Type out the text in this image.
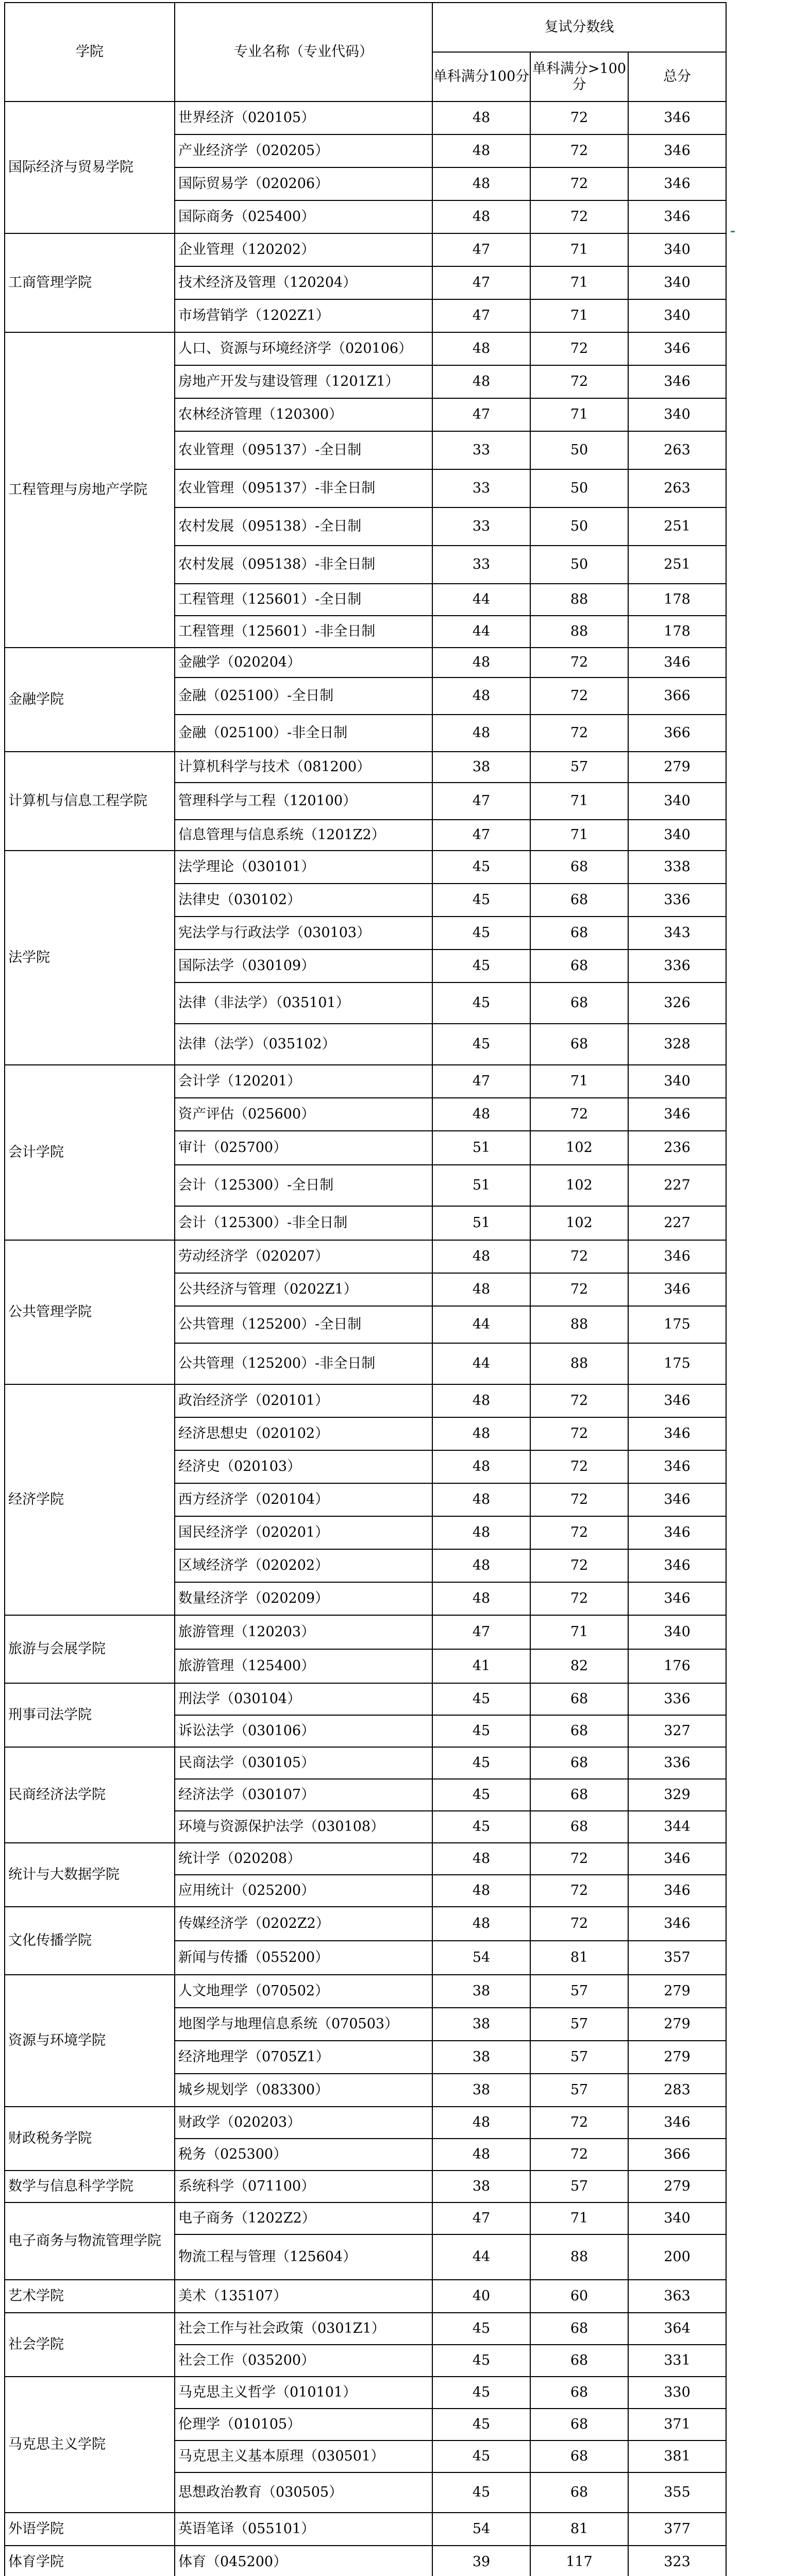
学院	专业名称（专业代码）	复试分数线		
		单科满分100分	单科满分>100分	总分
国际经济与贸易学院	世界经济（020105）	48	72	346
	产业经济学（020205）	48	72	346
	国际贸易学（020206）	48	72	346
	国际商务（025400）	48	72	346
工商管理学院	企业管理（120202）	47	71	340
	技术经济及管理（120204）	47	71	340
	市场营销学（1202Z1）	47	71	340
工程管理与房地产学院	人口、资源与环境经济学（020106）	48	72	346
	房地产开发与建设管理（1201Z1）	48	72	346
	农林经济管理（120300）	47	71	340
	农业管理（095137）-全日制	33	50	263
	农业管理（095137）-非全日制	33	50	263
	农村发展（095138）-全日制	33	50	251
	农村发展（095138）-非全日制	33	50	251
	工程管理（125601）-全日制	44	88	178
	工程管理（125601）-非全日制	44	88	178
金融学院	金融学（020204）	48	72	346
	金融（025100）-全日制	48	72	366
	金融（025100）-非全日制	48	72	366
计算机与信息工程学院	计算机科学与技术（081200）	38	57	279
	管理科学与工程（120100）	47	71	340
	信息管理与信息系统（1201Z2）	47	71	340
法学院	法学理论（030101）	45	68	338
	法律史（030102）	45	68	336
	宪法学与行政法学（030103）	45	68	343
	国际法学（030109）	45	68	336
	法律（非法学）（035101）	45	68	326
	法律（法学）（035102）	45	68	328
会计学院	会计学（120201）	47	71	340
	资产评估（025600）	48	72	346
	审计（025700）	51	102	236
	会计（125300）-全日制	51	102	227
	会计（125300）-非全日制	51	102	227
公共管理学院	劳动经济学（020207）	48	72	346
	公共经济与管理（0202Z1）	48	72	346
	公共管理（125200）-全日制	44	88	175
	公共管理（125200）-非全日制	44	88	175
经济学院	政治经济学（020101）	48	72	346
	经济思想史（020102）	48	72	346
	经济史（020103）	48	72	346
	西方经济学（020104）	48	72	346
	国民经济学（020201）	48	72	346
	区域经济学（020202）	48	72	346
	数量经济学（020209）	48	72	346
旅游与会展学院	旅游管理（120203）	47	71	340
	旅游管理（125400）	41	82	176
刑事司法学院	刑法学（030104）	45	68	336
	诉讼法学（030106）	45	68	327
民商经济法学院	民商法学（030105）	45	68	336
	经济法学（030107）	45	68	329
	环境与资源保护法学（030108）	45	68	344
统计与大数据学院	统计学（020208）	48	72	346
	应用统计（025200）	48	72	346
文化传播学院	传媒经济学（0202Z2）	48	72	346
	新闻与传播（055200）	54	81	357
资源与环境学院	人文地理学（070502）	38	57	279
	地图学与地理信息系统（070503）	38	57	279
	经济地理学（0705Z1）	38	57	279
	城乡规划学（083300）	38	57	283
财政税务学院	财政学（020203）	48	72	346
	税务（025300）	48	72	366
数学与信息科学学院	系统科学（071100）	38	57	279
电子商务与物流管理学院	电子商务（1202Z2）	47	71	340
	物流工程与管理（125604）	44	88	200
艺术学院	美术（135107）	40	60	363
社会学院	社会工作与社会政策（0301Z1）	45	68	364
	社会工作（035200）	45	68	331
马克思主义学院	马克思主义哲学（010101）	45	68	330
	伦理学（010105）	45	68	371
	马克思主义基本原理（030501）	45	68	381
	思想政治教育（030505）	45	68	355
外语学院	英语笔译（055101）	54	81	377
体育学院	体育（045200）	39	117	323
